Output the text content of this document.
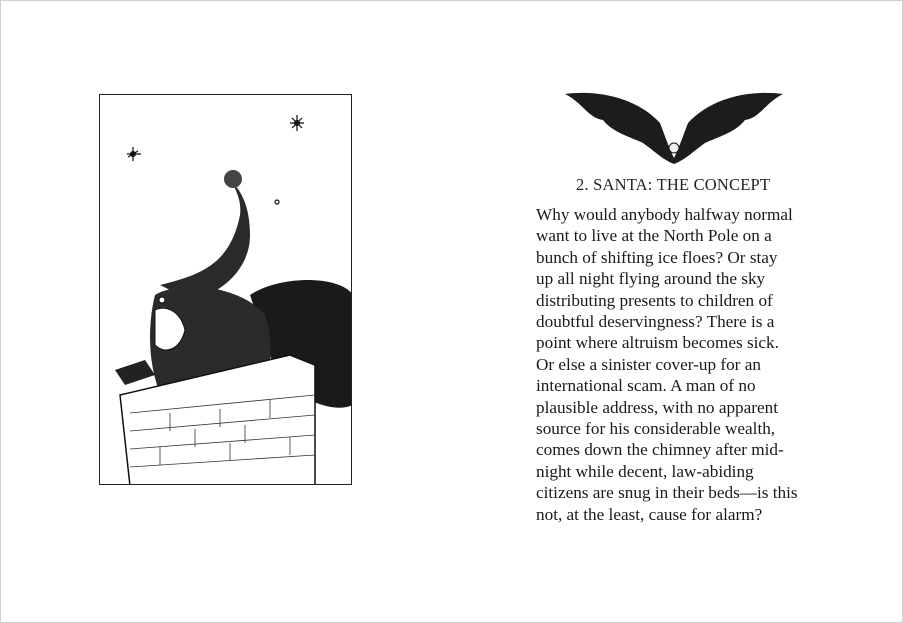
2. SANTA: THE CONCEPT
Why would anybody halfway normal
want to live at the North Pole on a
bunch of shifting ice floes? Or stay
up all night flying around the sky
distributing presents to children of
doubtful deservingness? There is a
point where altruism becomes sick.
Or else a sinister cover-up for an
international scam. A man of no
plausible address, with no apparent
source for his considerable wealth,
comes down the chimney after mid-
night while decent, law-abiding
citizens are snug in their beds—is this
not, at the least, cause for alarm?
